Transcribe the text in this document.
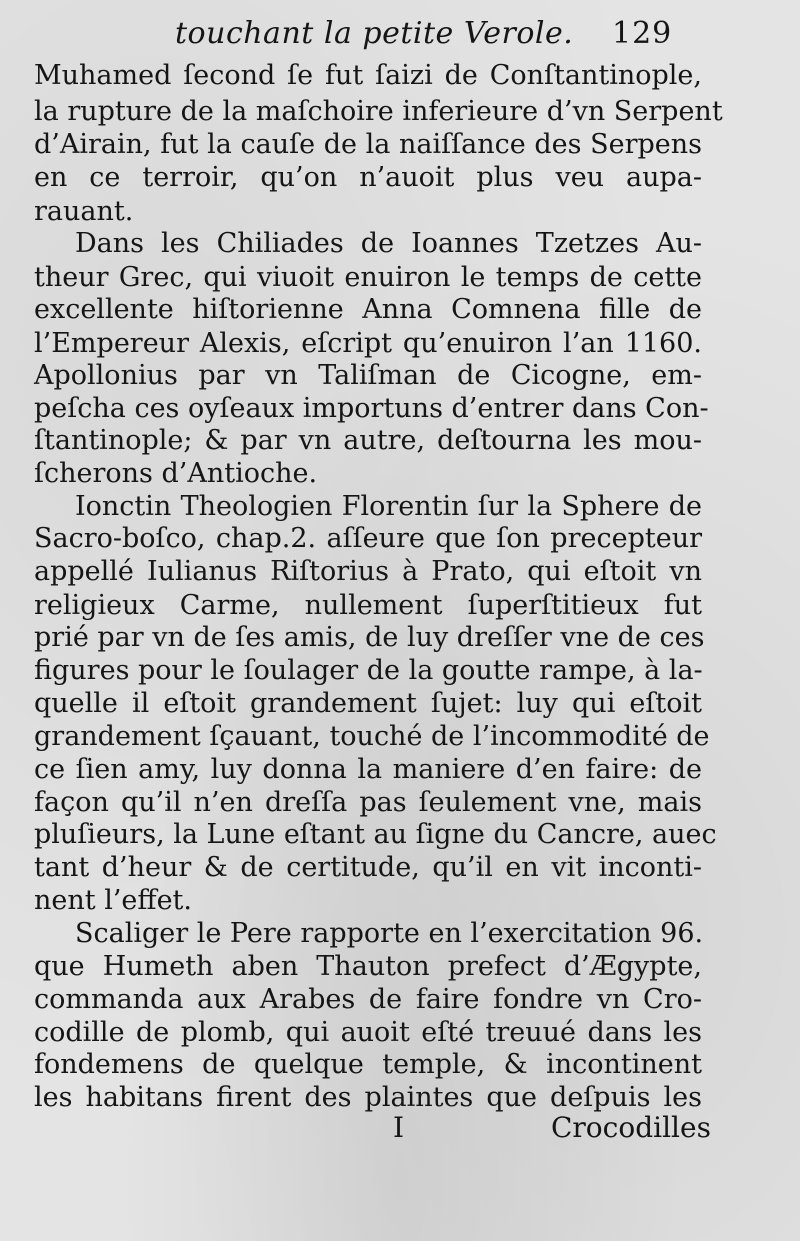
touchant la petite Verole. 129
Muhamed ſecond ſe fut ſaizi de Conſtantinople,
la rupture de la maſchoire inferieure d’vn Serpent
d’Airain, fut la cauſe de la naiſſance des Serpens
en ce terroir, qu’on n’auoit plus veu aupa-
rauant.
Dans les Chiliades de Ioannes Tzetzes Au-
theur Grec, qui viuoit enuiron le temps de cette
excellente hiſtorienne Anna Comnena fille de
l’Empereur Alexis, eſcript qu’enuiron l’an 1160.
Apollonius par vn Taliſman de Cicogne, em-
peſcha ces oyſeaux importuns d’entrer dans Con-
ſtantinople; & par vn autre, deſtourna les mou-
ſcherons d’Antioche.
Ionctin Theologien Florentin ſur la Sphere de
Sacro-boſco, chap.2. aſſeure que ſon precepteur
appellé Iulianus Riſtorius à Prato, qui eſtoit vn
religieux Carme, nullement ſuperſtitieux fut
prié par vn de ſes amis, de luy dreſſer vne de ces
figures pour le ſoulager de la goutte rampe, à la-
quelle il eſtoit grandement ſujet: luy qui eſtoit
grandement ſçauant, touché de l’incommodité de
ce ſien amy, luy donna la maniere d’en faire: de
façon qu’il n’en dreſſa pas ſeulement vne, mais
pluſieurs, la Lune eſtant au ſigne du Cancre, auec
tant d’heur & de certitude, qu’il en vit inconti-
nent l’effet.
Scaliger le Pere rapporte en l’exercitation 96.
que Humeth aben Thauton prefect d’Ægypte,
commanda aux Arabes de faire fondre vn Cro-
codille de plomb, qui auoit eſté treuué dans les
fondemens de quelque temple, & incontinent
les habitans firent des plaintes que deſpuis les
I	Crocodilles
